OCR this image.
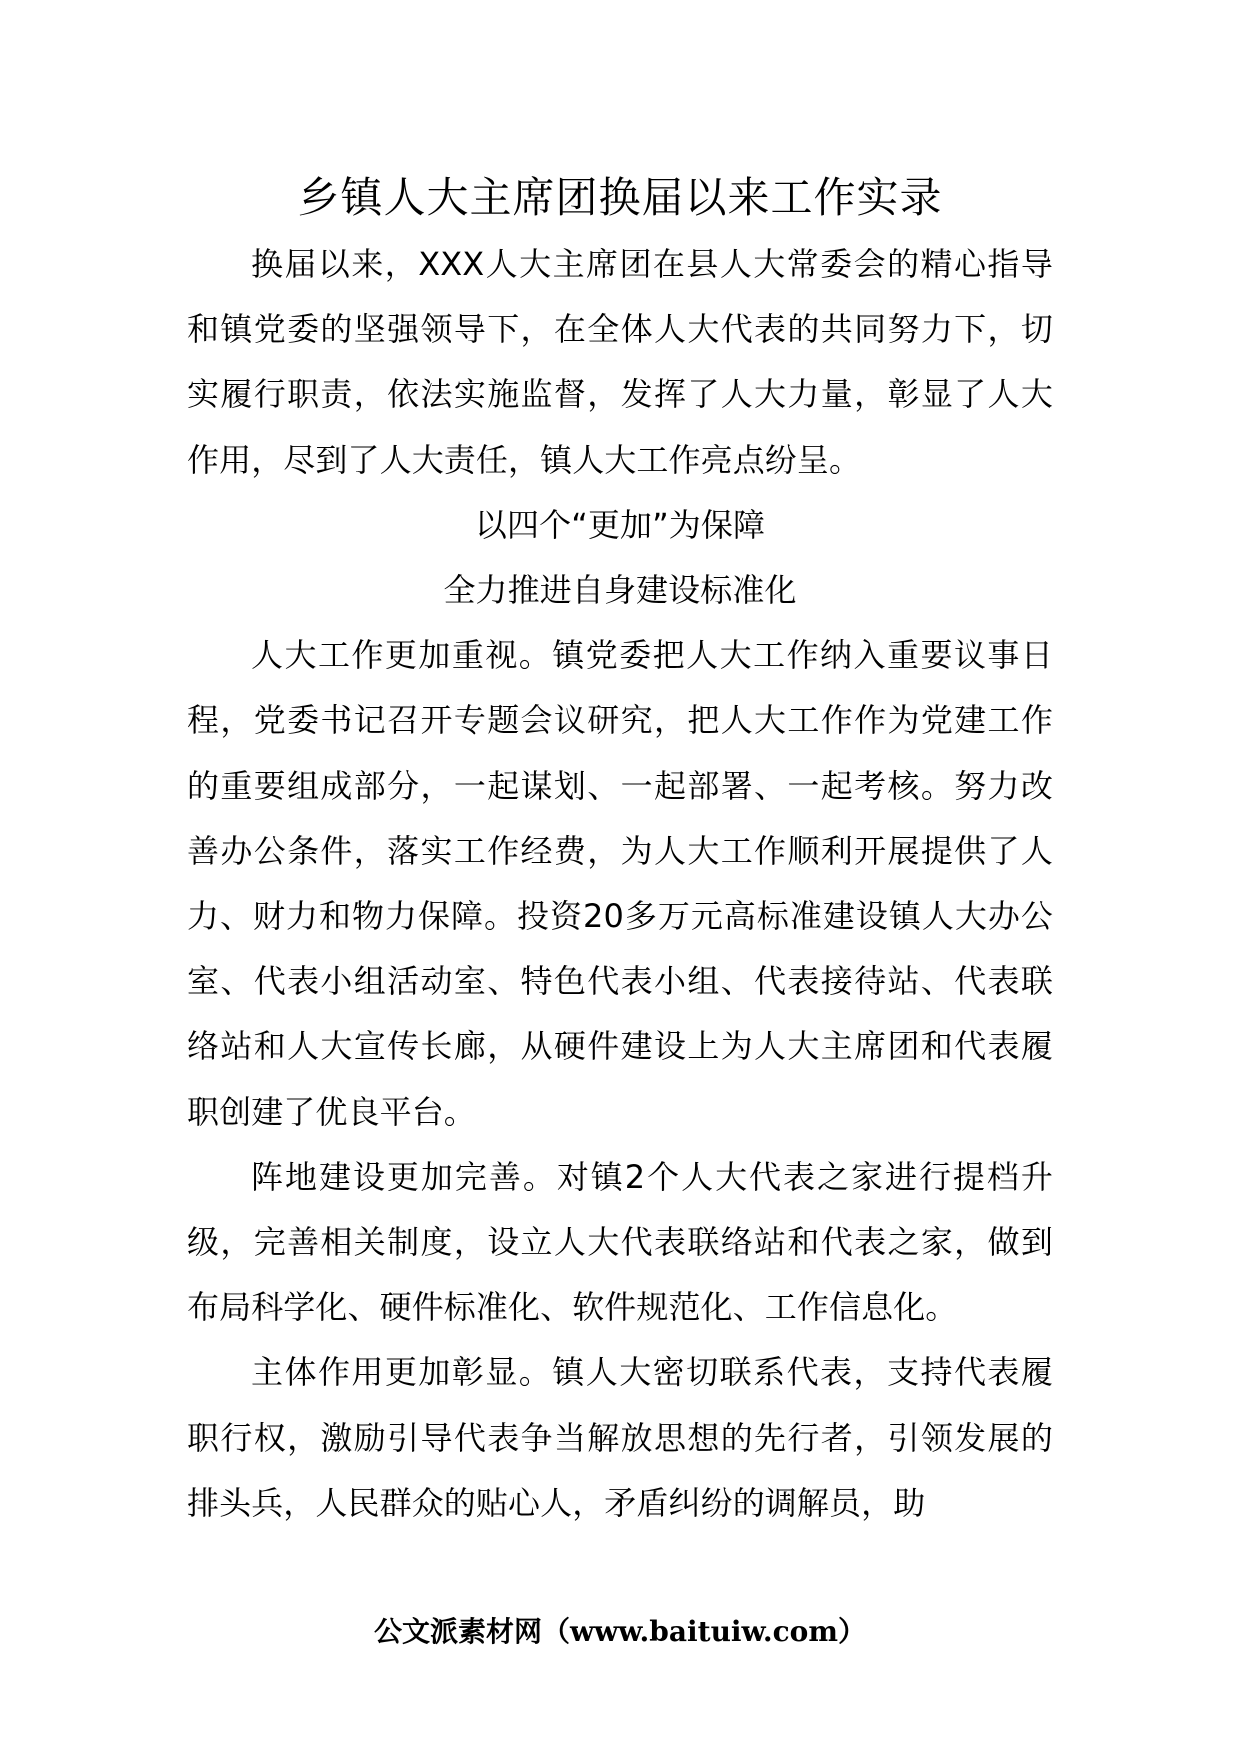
乡镇人大主席团换届以来工作实录

换届以来，XXX人大主席团在县人大常委会的精心指导和镇党委的坚强领导下，在全体人大代表的共同努力下，切实履行职责，依法实施监督，发挥了人大力量，彰显了人大作用，尽到了人大责任，镇人大工作亮点纷呈。

以四个“更加”为保障

全力推进自身建设标准化

人大工作更加重视。镇党委把人大工作纳入重要议事日程，党委书记召开专题会议研究，把人大工作作为党建工作的重要组成部分，一起谋划、一起部署、一起考核。努力改善办公条件，落实工作经费，为人大工作顺利开展提供了人力、财力和物力保障。投资20多万元高标准建设镇人大办公室、代表小组活动室、特色代表小组、代表接待站、代表联络站和人大宣传长廊，从硬件建设上为人大主席团和代表履职创建了优良平台。

阵地建设更加完善。对镇2个人大代表之家进行提档升级，完善相关制度，设立人大代表联络站和代表之家，做到布局科学化、硬件标准化、软件规范化、工作信息化。

主体作用更加彰显。镇人大密切联系代表，支持代表履职行权，激励引导代表争当解放思想的先行者，引领发展的排头兵，人民群众的贴心人，矛盾纠纷的调解员，助

公文派素材网（www.baituiw.com）
